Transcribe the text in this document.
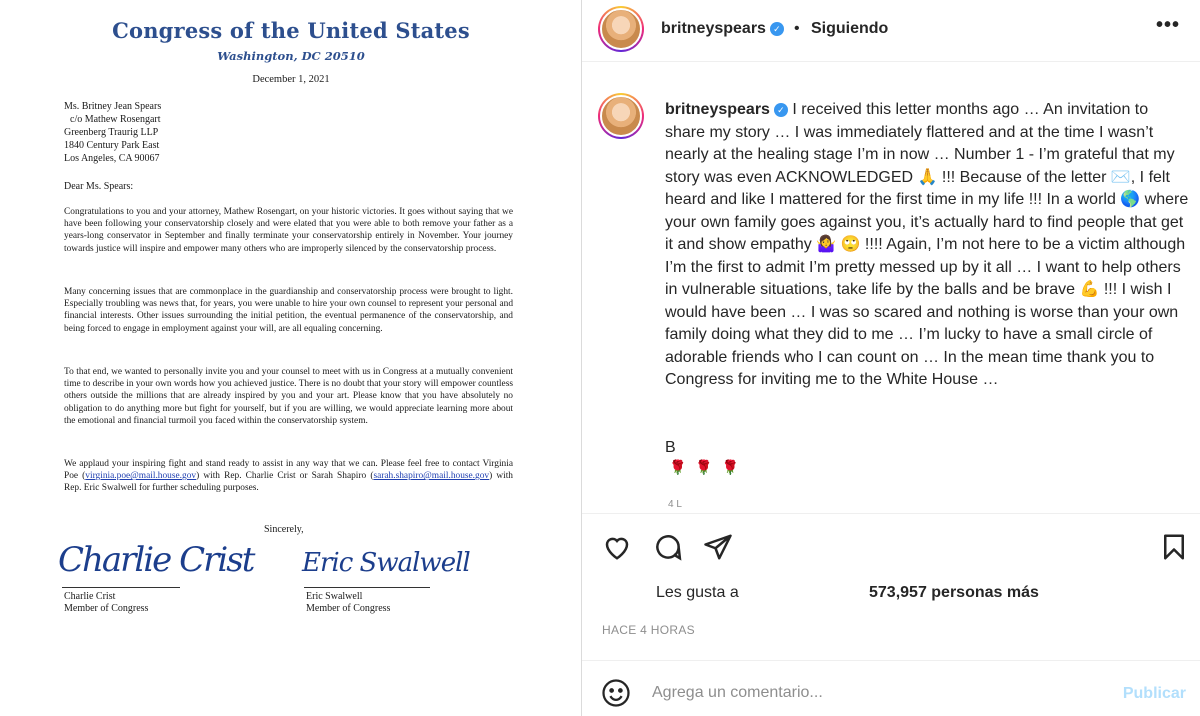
Congress of the United States
Washington, DC 20510
December 1, 2021
Ms. Britney Jean Spears
c/o Mathew Rosengart
Greenberg Traurig LLP
1840 Century Park East
Los Angeles, CA 90067
Dear Ms. Spears:
Congratulations to you and your attorney, Mathew Rosengart, on your historic victories. It goes without saying that we have been following your conservatorship closely and were elated that you were able to both remove your father as a years-long conservator in September and finally terminate your conservatorship entirely in November. Your journey towards justice will inspire and empower many others who are improperly silenced by the conservatorship process.
Many concerning issues that are commonplace in the guardianship and conservatorship process were brought to light. Especially troubling was news that, for years, you were unable to hire your own counsel to represent your personal and financial interests. Other issues surrounding the initial petition, the eventual permanence of the conservatorship, and being forced to engage in employment against your will, are all equaling concerning.
To that end, we wanted to personally invite you and your counsel to meet with us in Congress at a mutually convenient time to describe in your own words how you achieved justice. There is no doubt that your story will empower countless others outside the millions that are already inspired by you and your art. Please know that you have absolutely no obligation to do anything more but fight for yourself, but if you are willing, we would appreciate learning more about the emotional and financial turmoil you faced within the conservatorship system.
We applaud your inspiring fight and stand ready to assist in any way that we can. Please feel free to contact Virginia Poe (virginia.poe@mail.house.gov) with Rep. Charlie Crist or Sarah Shapiro (sarah.shapiro@mail.house.gov) with Rep. Eric Swalwell for further scheduling purposes.
Sincerely,
Charlie Crist Eric Swalwell
Charlie Crist
Member of Congress
Eric Swalwell
Member of Congress
britneyspears ✓ • Siguiendo	•••
britneyspears ✓ I received this letter months ago … An invitation to share my story … I was immediately flattered and at the time I wasn’t nearly at the healing stage I’m in now … Number 1 - I’m grateful that my story was even ACKNOWLEDGED 🙏 !!! Because of the letter ✉️, I felt heard and like I mattered for the first time in my life !!! In a world 🌎 where your own family goes against you, it’s actually hard to find people that get it and show empathy 🤷‍♀️ 🙄 !!!! Again, I’m not here to be a victim although I’m the first to admit I’m pretty messed up by it all … I want to help others in vulnerable situations, take life by the balls and be brave 💪 !!! I wish I would have been … I was so scared and nothing is worse than your own family doing what they did to me … I’m lucky to have a small circle of adorable friends who I can count on … In the mean time thank you to Congress for inviting me to the White House …
B
🌹🌹🌹
4 L
Les gusta a	573,957 personas más
HACE 4 HORAS
Agrega un comentario...
Publicar
